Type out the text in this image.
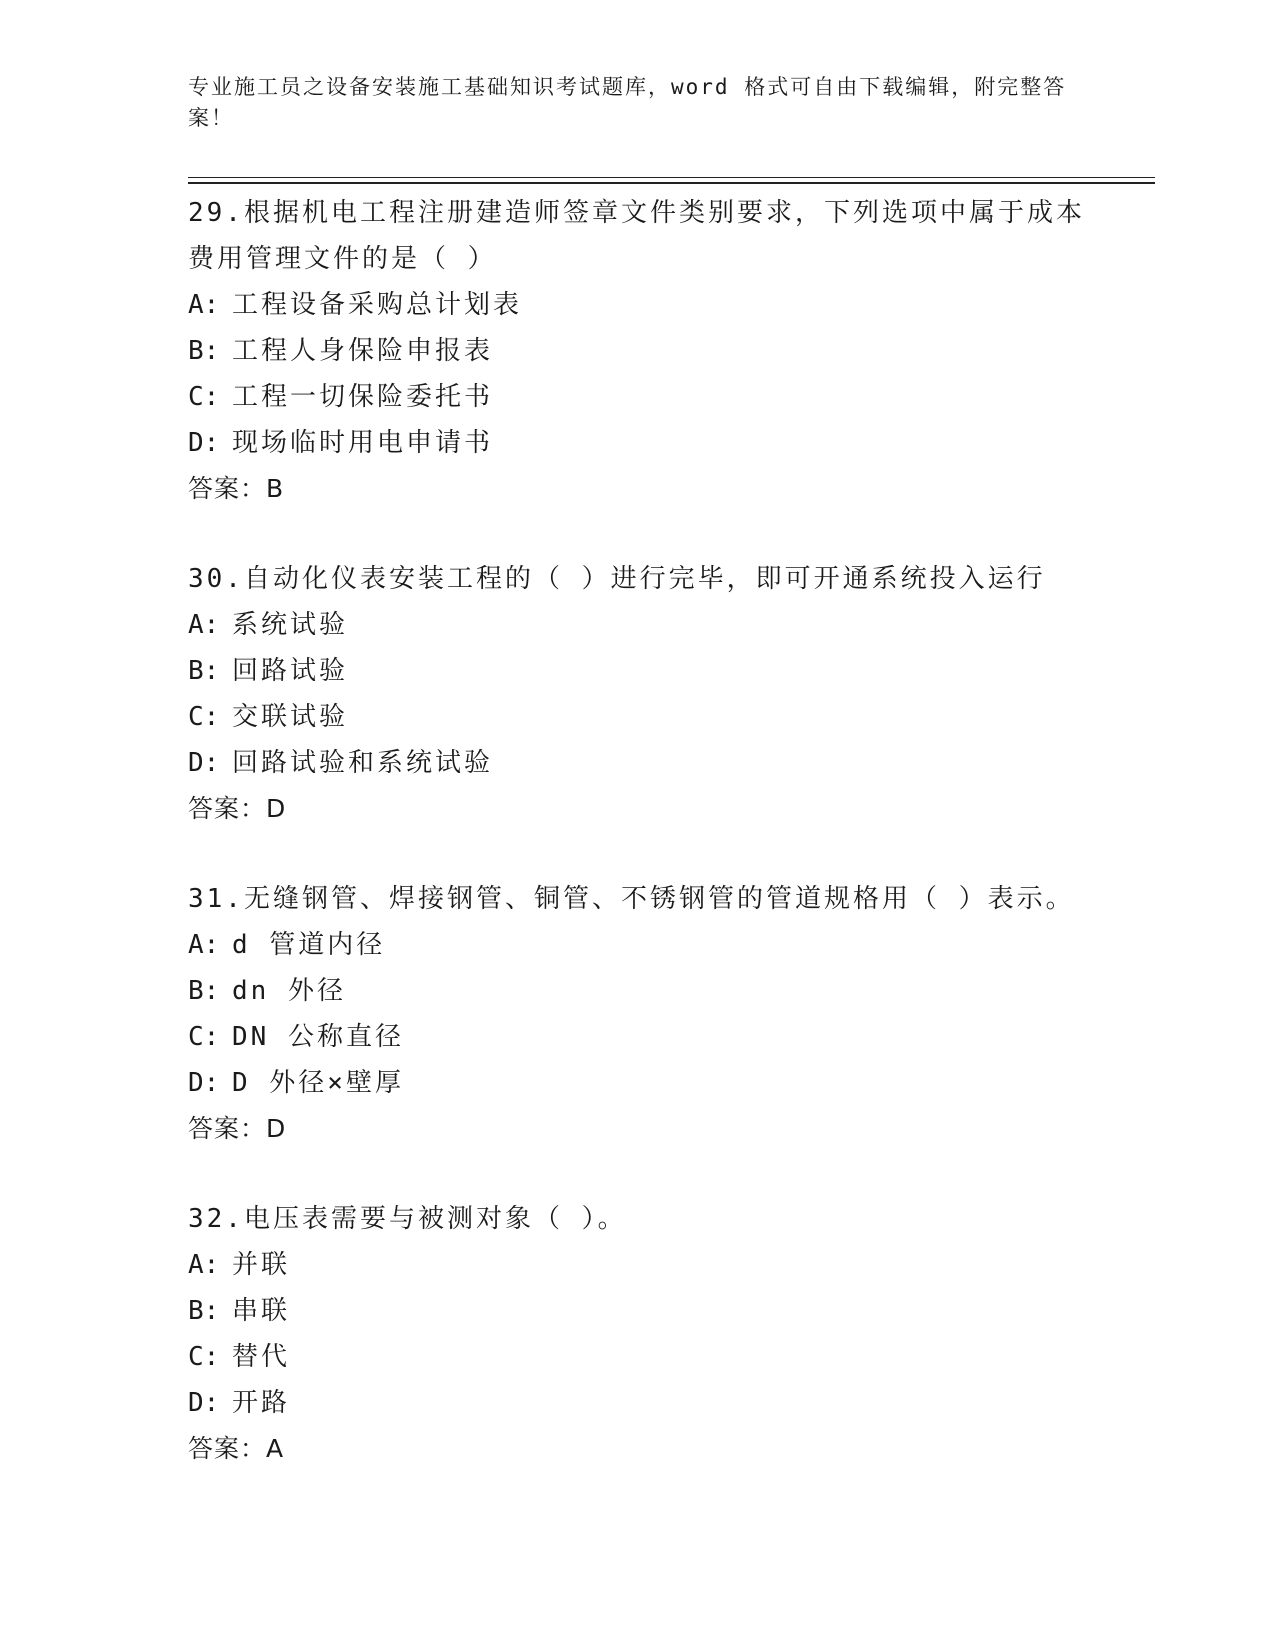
专业施工员之设备安装施工基础知识考试题库，word 格式可自由下载编辑，附完整答案！
29.根据机电工程注册建造师签章文件类别要求，下列选项中属于成本费用管理文件的是（ ）
A: 工程设备采购总计划表
B: 工程人身保险申报表
C: 工程一切保险委托书
D: 现场临时用电申请书
答案：B
30.自动化仪表安装工程的（ ）进行完毕，即可开通系统投入运行
A: 系统试验
B: 回路试验
C: 交联试验
D: 回路试验和系统试验
答案：D
31.无缝钢管、焊接钢管、铜管、不锈钢管的管道规格用（ ）表示。
A: d 管道内径
B: dn 外径
C: DN 公称直径
D: D 外径×壁厚
答案：D
32.电压表需要与被测对象（ ）。
A: 并联
B: 串联
C: 替代
D: 开路
答案：A
